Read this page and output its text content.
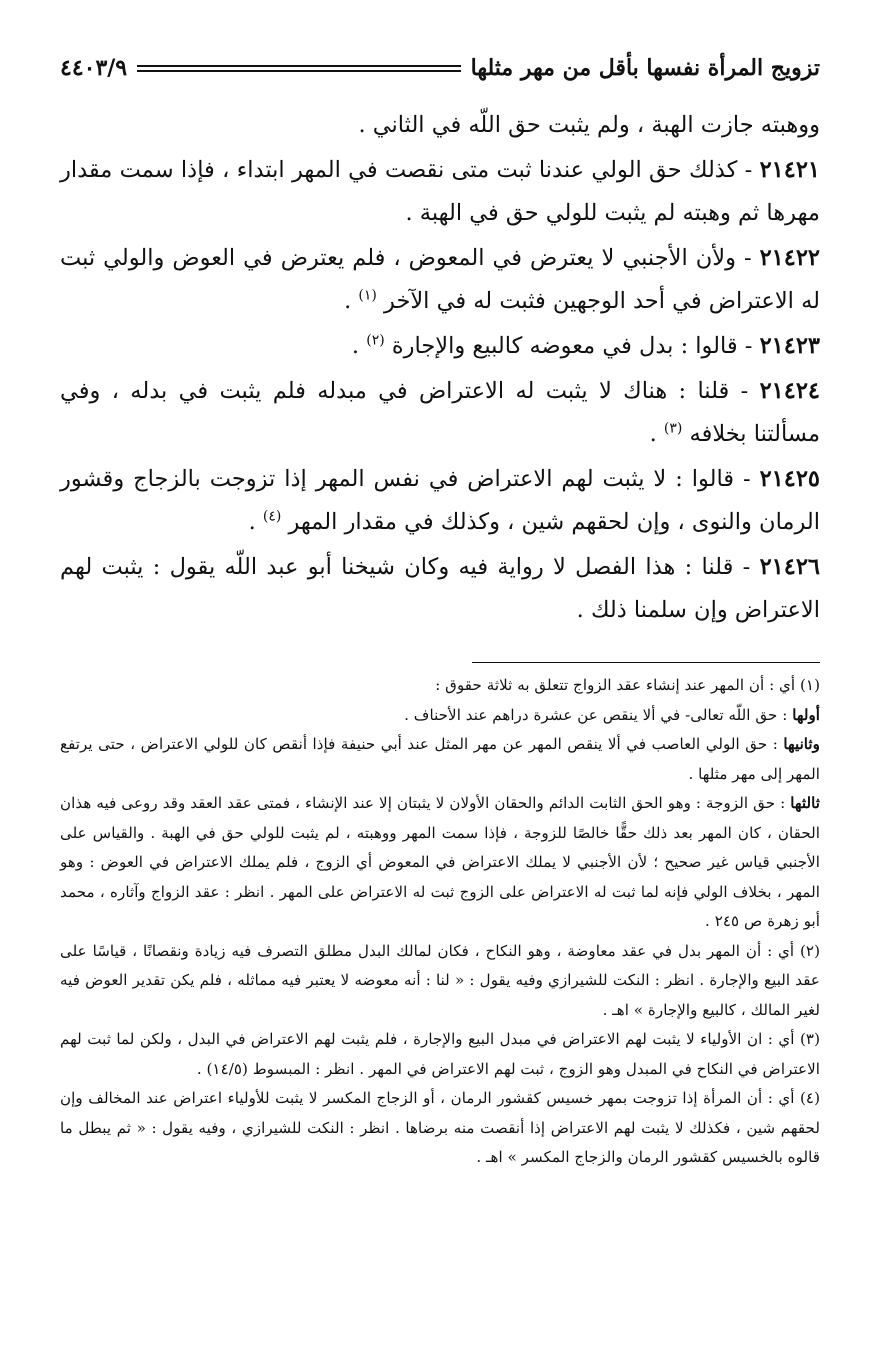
تزويج المرأة نفسها بأقل من مهر مثلها
٤٤٠٣/٩

ووهبته جازت الهبة ، ولم يثبت حق اللّه في الثاني .

٢١٤٢١ - كذلك حق الولي عندنا ثبت متى نقصت في المهر ابتداء ، فإذا سمت مقدار مهرها ثم وهبته لم يثبت للولي حق في الهبة .

٢١٤٢٢ - ولأن الأجنبي لا يعترض في المعوض ، فلم يعترض في العوض والولي ثبت له الاعتراض في أحد الوجهين فثبت له في الآخر $^{(١)}$ .

٢١٤٢٣ - قالوا : بدل في معوضه كالبيع والإجارة $^{(٢)}$ .

٢١٤٢٤ - قلنا : هناك لا يثبت له الاعتراض في مبدله فلم يثبت في بدله ، وفي مسألتنا بخلافه $^{(٣)}$ .

٢١٤٢٥ - قالوا : لا يثبت لهم الاعتراض في نفس المهر إذا تزوجت بالزجاج وقشور الرمان والنوى ، وإن لحقهم شين ، وكذلك في مقدار المهر $^{(٤)}$ .

٢١٤٢٦ - قلنا : هذا الفصل لا رواية فيه وكان شيخنا أبو عبد اللّه يقول : يثبت لهم الاعتراض وإن سلمنا ذلك .

(١) أي : أن المهر عند إنشاء عقد الزواج تتعلق به ثلاثة حقوق :

أولها : حق اللّه تعالى- في ألا ينقص عن عشرة دراهم عند الأحناف .

وثانيها : حق الولي العاصب في ألا ينقص المهر عن مهر المثل عند أبي حنيفة فإذا أنقص كان للولي الاعتراض ، حتى يرتفع المهر إلى مهر مثلها .

ثالثها : حق الزوجة : وهو الحق الثابت الدائم والحقان الأولان لا يثبتان إلا عند الإنشاء ، فمتى عقد العقد وقد روعى فيه هذان الحقان ، كان المهر بعد ذلك حقًّا خالصًا للزوجة ، فإذا سمت المهر ووهبته ، لم يثبت للولي حق في الهبة . والقياس على الأجنبي قياس غير صحيح ؛ لأن الأجنبي لا يملك الاعتراض في المعوض أي الزوج ، فلم يملك الاعتراض في العوض : وهو المهر ، بخلاف الولي فإنه لما ثبت له الاعتراض على الزوج ثبت له الاعتراض على المهر . انظر : عقد الزواج وآثاره ، محمد أبو زهرة ص ٢٤٥ .

(٢) أي : أن المهر بدل في عقد معاوضة ، وهو النكاح ، فكان لمالك البدل مطلق التصرف فيه زيادة ونقصانًا ، قياسًا على عقد البيع والإجارة . انظر : النكت للشيرازي وفيه يقول : « لنا : أنه معوضه لا يعتبر فيه مماثله ، فلم يكن تقدير العوض فيه لغير المالك ، كالبيع والإجارة » اهـ .

(٣) أي : ان الأولياء لا يثبت لهم الاعتراض في مبدل البيع والإجارة ، فلم يثبت لهم الاعتراض في البدل ، ولكن لما ثبت لهم الاعتراض في النكاح في المبدل وهو الزوج ، ثبت لهم الاعتراض في المهر . انظر : المبسوط (١٤/٥) .

(٤) أي : أن المرأة إذا تزوجت بمهر خسيس كقشور الرمان ، أو الزجاج المكسر لا يثبت للأولياء اعتراض عند المخالف وإن لحقهم شين ، فكذلك لا يثبت لهم الاعتراض إذا أنقصت منه برضاها . انظر : النكت للشيرازي ، وفيه يقول : « ثم يبطل ما قالوه بالخسيس كقشور الرمان والزجاج المكسر » اهـ .
